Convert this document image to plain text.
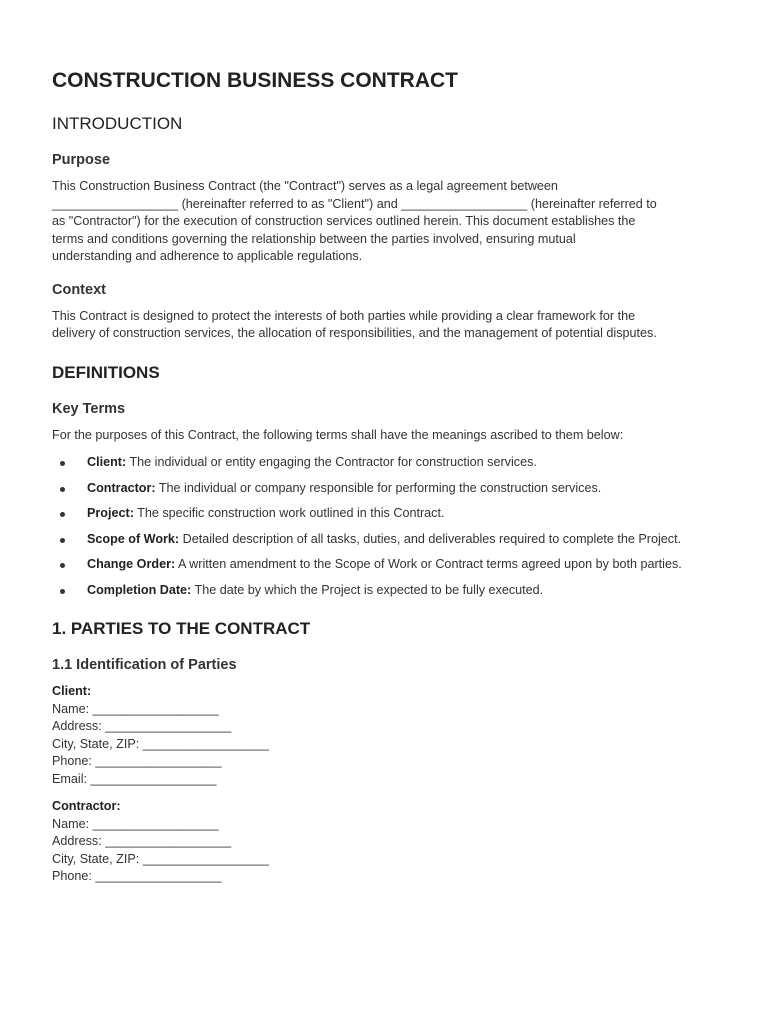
CONSTRUCTION BUSINESS CONTRACT
INTRODUCTION
Purpose
This Construction Business Contract (the "Contract") serves as a legal agreement between
__________________ (hereinafter referred to as "Client") and __________________ (hereinafter referred to
as "Contractor") for the execution of construction services outlined herein. This document establishes the
terms and conditions governing the relationship between the parties involved, ensuring mutual
understanding and adherence to applicable regulations.
Context
This Contract is designed to protect the interests of both parties while providing a clear framework for the
delivery of construction services, the allocation of responsibilities, and the management of potential disputes.
DEFINITIONS
Key Terms
For the purposes of this Contract, the following terms shall have the meanings ascribed to them below:
Client: The individual or entity engaging the Contractor for construction services.
Contractor: The individual or company responsible for performing the construction services.
Project: The specific construction work outlined in this Contract.
Scope of Work: Detailed description of all tasks, duties, and deliverables required to complete the Project.
Change Order: A written amendment to the Scope of Work or Contract terms agreed upon by both parties.
Completion Date: The date by which the Project is expected to be fully executed.
1. PARTIES TO THE CONTRACT
1.1 Identification of Parties
Client:
Name: __________________
Address: __________________
City, State, ZIP: __________________
Phone: __________________
Email: __________________
Contractor:
Name: __________________
Address: __________________
City, State, ZIP: __________________
Phone: __________________
